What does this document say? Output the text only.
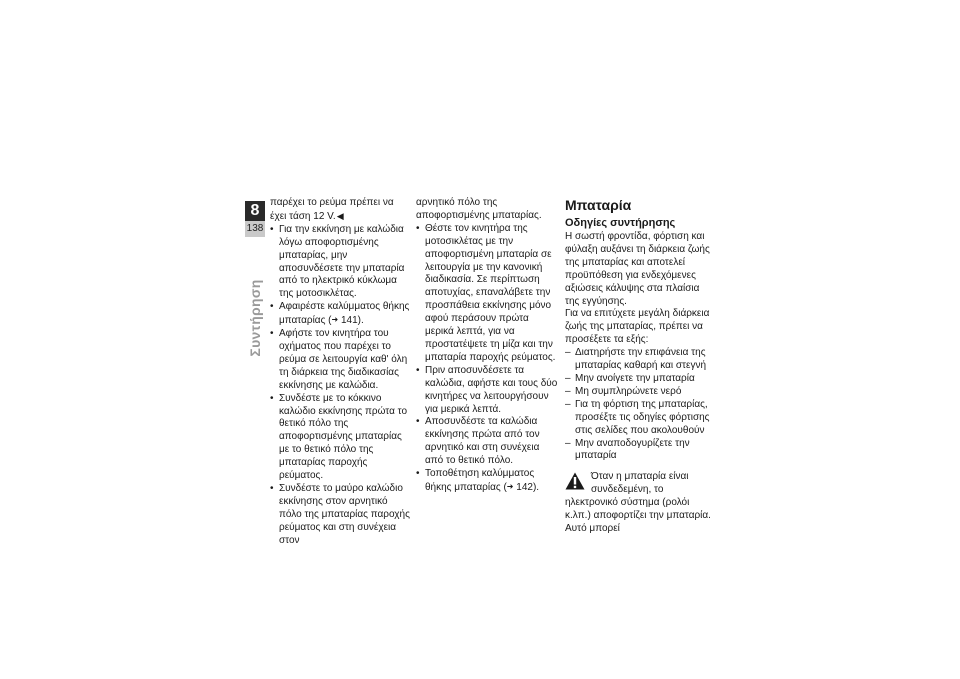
8
138
Συντήρηση

παρέχει το ρεύμα πρέπει να έχει τάση 12 V.◀

• Για την εκκίνηση με καλώδια λόγω αποφορτισμένης μπαταρίας, μην αποσυνδέσετε την μπαταρία από το ηλεκτρικό κύκλωμα της μοτοσικλέτας.
• Αφαιρέστε καλύμματος θήκης μπαταρίας (➜ 141).
• Αφήστε τον κινητήρα του οχήματος που παρέχει το ρεύμα σε λειτουργία καθ' όλη τη διάρκεια της διαδικασίας εκκίνησης με καλώδια.
• Συνδέστε με το κόκκινο καλώδιο εκκίνησης πρώτα το θετικό πόλο της αποφορτισμένης μπαταρίας με το θετικό πόλο της μπαταρίας παροχής ρεύματος.
• Συνδέστε το μαύρο καλώδιο εκκίνησης στον αρνητικό πόλο της μπαταρίας παροχής ρεύματος και στη συνέχεια στον

αρνητικό πόλο της αποφορτισμένης μπαταρίας.

• Θέστε τον κινητήρα της μοτοσικλέτας με την αποφορτισμένη μπαταρία σε λειτουργία με την κανονική διαδικασία. Σε περίπτωση αποτυχίας, επαναλάβετε την προσπάθεια εκκίνησης μόνο αφού περάσουν πρώτα μερικά λεπτά, για να προστατέψετε τη μίζα και την μπαταρία παροχής ρεύματος.
• Πριν αποσυνδέσετε τα καλώδια, αφήστε και τους δύο κινητήρες να λειτουργήσουν για μερικά λεπτά.
• Αποσυνδέστε τα καλώδια εκκίνησης πρώτα από τον αρνητικό και στη συνέχεια από το θετικό πόλο.
• Τοποθέτηση καλύμματος θήκης μπαταρίας (➜ 142).
Μπαταρία
Οδηγίες συντήρησης

Η σωστή φροντίδα, φόρτιση και φύλαξη αυξάνει τη διάρκεια ζωής της μπαταρίας και αποτελεί προϋπόθεση για ενδεχόμενες αξιώσεις κάλυψης στα πλαίσια της εγγύησης.

Για να επιτύχετε μεγάλη διάρκεια ζωής της μπαταρίας, πρέπει να προσέξετε τα εξής:

– Διατηρήστε την επιφάνεια της μπαταρίας καθαρή και στεγνή
– Μην ανοίγετε την μπαταρία
– Μη συμπληρώνετε νερό
– Για τη φόρτιση της μπαταρίας, προσέξτε τις οδηγίες φόρτισης στις σελίδες που ακολουθούν
– Μην αναποδογυρίζετε την μπαταρία

Όταν η μπαταρία είναι συνδεδεμένη, το ηλεκτρονικό σύστημα (ρολόι κ.λπ.) αποφορτίζει την μπαταρία. Αυτό μπορεί
